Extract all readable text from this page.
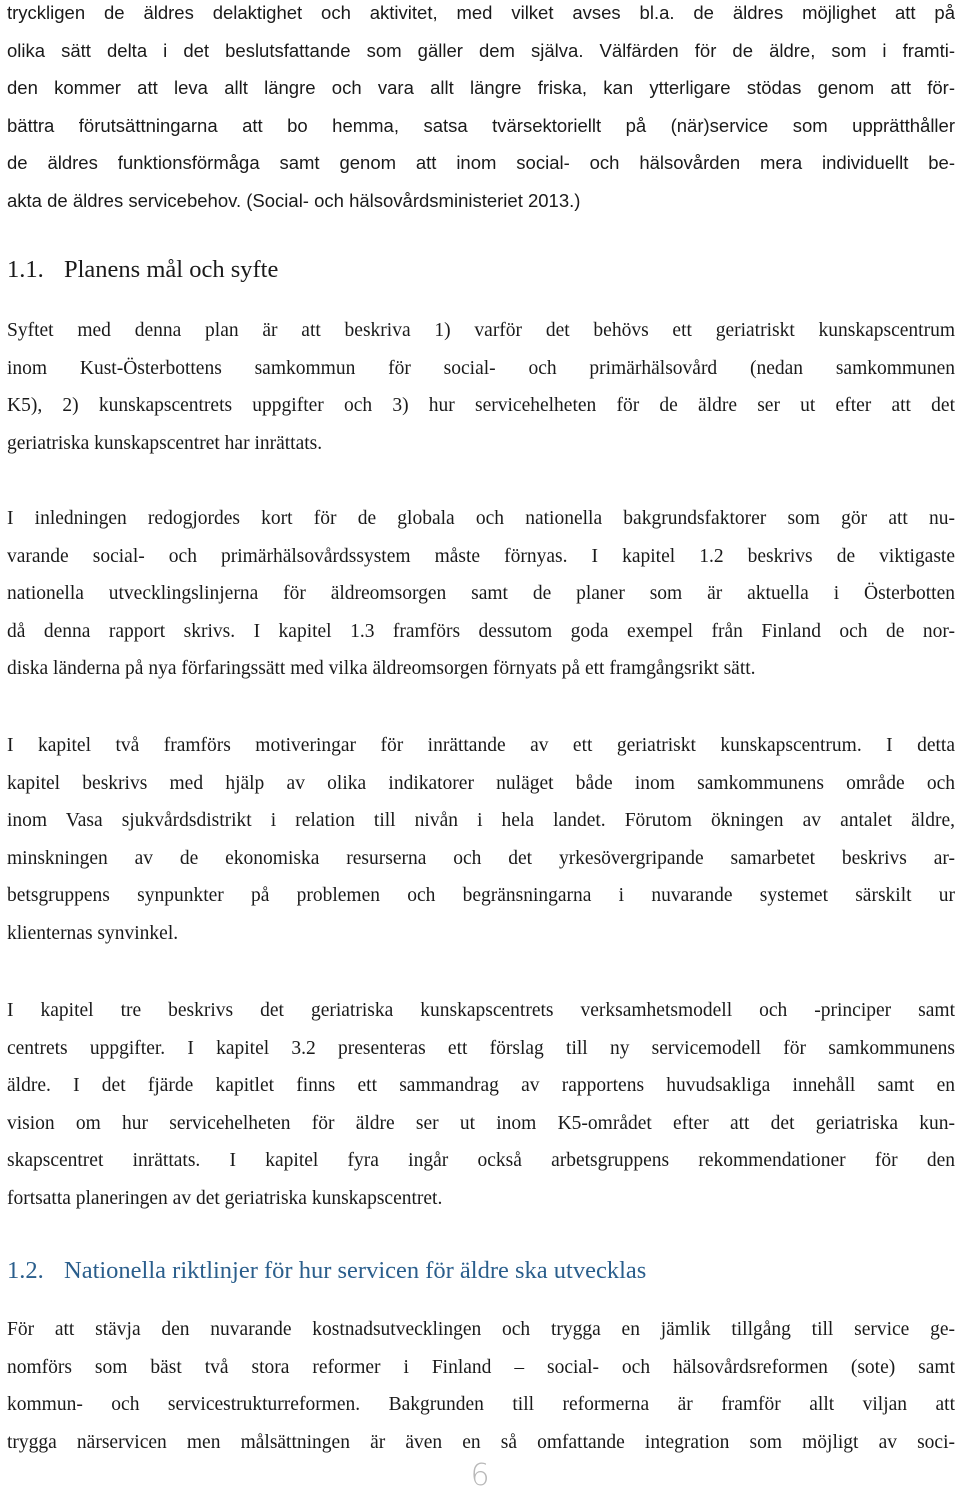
tryckligen de äldres delaktighet och aktivitet, med vilket avses bl.a. de äldres möjlighet att på
olika sätt delta i det beslutsfattande som gäller dem själva. Välfärden för de äldre, som i framti-
den kommer att leva allt längre och vara allt längre friska, kan ytterligare stödas genom att för-
bättra förutsättningarna att bo hemma, satsa tvärsektoriellt på (när)service som upprätthåller
de äldres funktionsförmåga samt genom att inom social- och hälsovården mera individuellt be-
akta de äldres servicebehov. (Social- och hälsovårdsministeriet 2013.)
1.1. Planens mål och syfte
Syftet med denna plan är att beskriva 1) varför det behövs ett geriatriskt kunskapscentrum
inom Kust-Österbottens samkommun för social- och primärhälsovård (nedan samkommunen
K5), 2) kunskapscentrets uppgifter och 3) hur servicehelheten för de äldre ser ut efter att det
geriatriska kunskapscentret har inrättats.
I inledningen redogjordes kort för de globala och nationella bakgrundsfaktorer som gör att nu-
varande social- och primärhälsovårdssystem måste förnyas. I kapitel 1.2 beskrivs de viktigaste
nationella utvecklingslinjerna för äldreomsorgen samt de planer som är aktuella i Österbotten
då denna rapport skrivs. I kapitel 1.3 framförs dessutom goda exempel från Finland och de nor-
diska länderna på nya förfaringssätt med vilka äldreomsorgen förnyats på ett framgångsrikt sätt.
I kapitel två framförs motiveringar för inrättande av ett geriatriskt kunskapscentrum. I detta
kapitel beskrivs med hjälp av olika indikatorer nuläget både inom samkommunens område och
inom Vasa sjukvårdsdistrikt i relation till nivån i hela landet. Förutom ökningen av antalet äldre,
minskningen av de ekonomiska resurserna och det yrkesövergripande samarbetet beskrivs ar-
betsgruppens synpunkter på problemen och begränsningarna i nuvarande systemet särskilt ur
klienternas synvinkel.
I kapitel tre beskrivs det geriatriska kunskapscentrets verksamhetsmodell och -principer samt
centrets uppgifter. I kapitel 3.2 presenteras ett förslag till ny servicemodell för samkommunens
äldre. I det fjärde kapitlet finns ett sammandrag av rapportens huvudsakliga innehåll samt en
vision om hur servicehelheten för äldre ser ut inom K5-området efter att det geriatriska kun-
skapscentret inrättats. I kapitel fyra ingår också arbetsgruppens rekommendationer för den
fortsatta planeringen av det geriatriska kunskapscentret.
1.2. Nationella riktlinjer för hur servicen för äldre ska utvecklas
För att stävja den nuvarande kostnadsutvecklingen och trygga en jämlik tillgång till service ge-
nomförs som bäst två stora reformer i Finland – social- och hälsovårdsreformen (sote) samt
kommun- och servicestrukturreformen. Bakgrunden till reformerna är framför allt viljan att
trygga närservicen men målsättningen är även en så omfattande integration som möjligt av soci-
6
